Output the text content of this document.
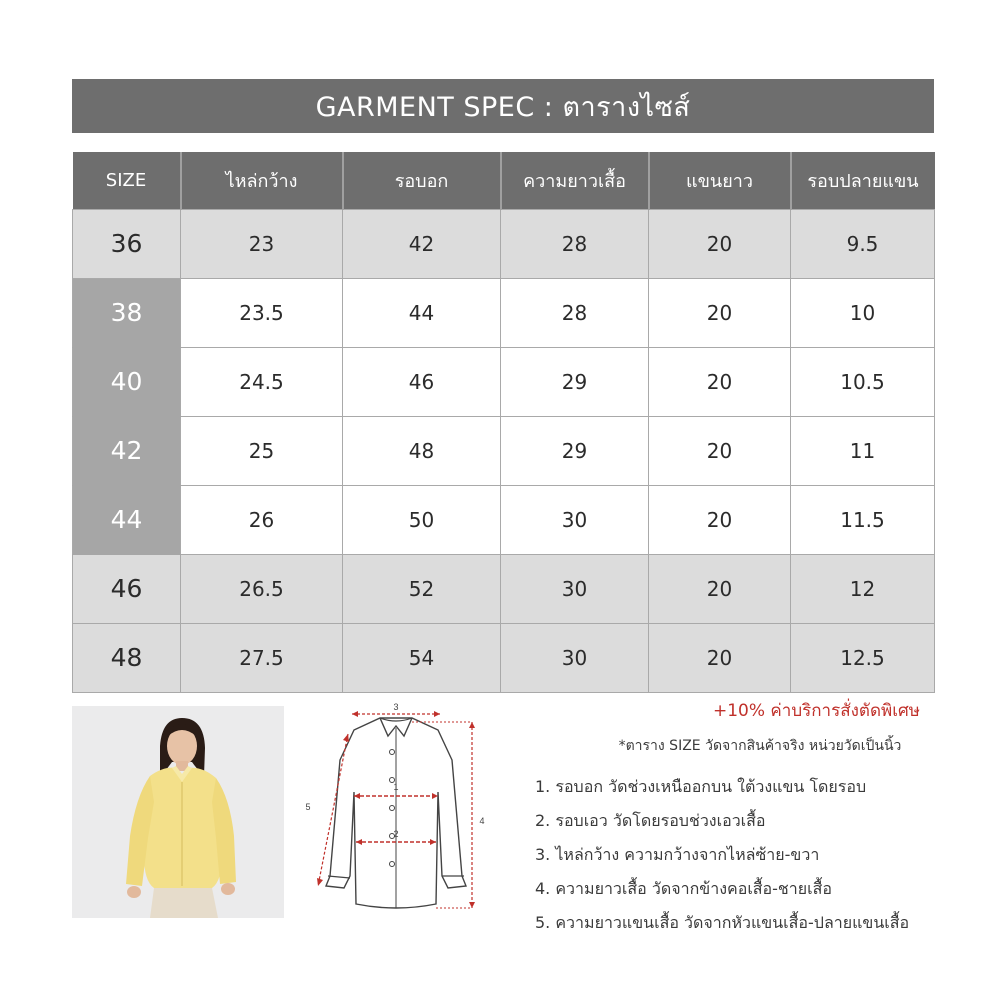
GARMENT SPEC : ตารางไซส์
SIZE	ไหล่กว้าง	รอบอก	ความยาวเสื้อ	แขนยาว	รอบปลายแขน
36	23	42	28	20	9.5
38	23.5	44	28	20	10
40	24.5	46	29	20	10.5
42	25	48	29	20	11
44	26	50	30	20	11.5
46	26.5	52	30	20	12
48	27.5	54	30	20	12.5
+10% ค่าบริการสั่งตัดพิเศษ
3
1
2
4
5
*ตาราง SIZE วัดจากสินค้าจริง หน่วยวัดเป็นนิ้ว
1. รอบอก วัดช่วงเหนืออกบน ใต้วงแขน โดยรอบ
2. รอบเอว วัดโดยรอบช่วงเอวเสื้อ
3. ไหล่กว้าง ความกว้างจากไหล่ซ้าย-ขวา
4. ความยาวเสื้อ วัดจากข้างคอเสื้อ-ชายเสื้อ
5. ความยาวแขนเสื้อ วัดจากหัวแขนเสื้อ-ปลายแขนเสื้อ
